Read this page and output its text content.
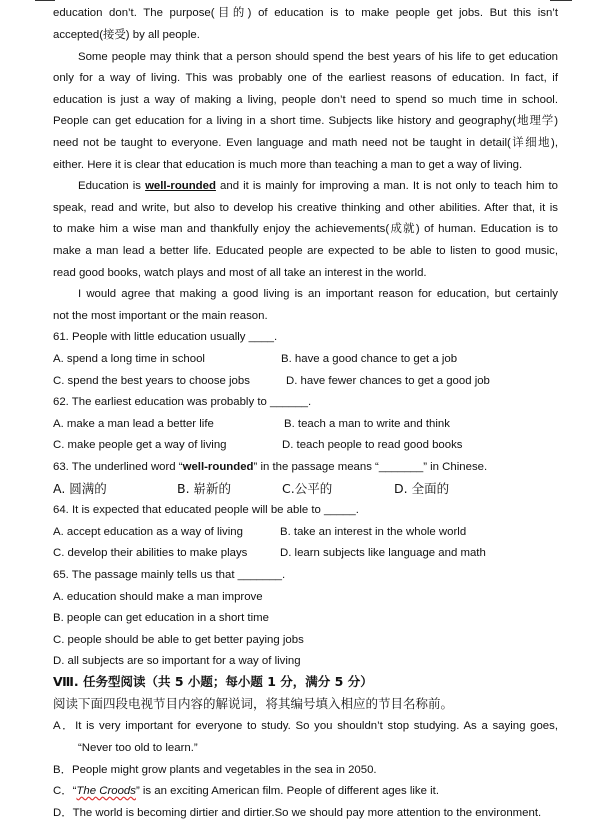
education don’t. The purpose(目的) of education is to make people get jobs. But this isn’t
accepted(接受) by all people.
Some people may think that a person should spend the best years of his life to get education
only for a way of living. This was probably one of the earliest reasons of education. In fact, if
education is just a way of making a living, people don’t need to spend so much time in school.
People can get education for a living in a short time. Subjects like history and geography(地理学)
need not be taught to everyone. Even language and math need not be taught in detail(详细地),
either. Here it is clear that education is much more than teaching a man to get a way of living.
Education is well-rounded and it is mainly for improving a man. It is not only to teach him to
speak, read and write, but also to develop his creative thinking and other abilities. After that, it is
to make him a wise man and thankfully enjoy the achievements(成就) of human. Education is to
make a man lead a better life. Educated people are expected to be able to listen to good music,
read good books, watch plays and most of all take an interest in the world.
I would agree that making a good living is an important reason for education, but certainly
not the most important or the main reason.
61. People with little education usually ____.
A. spend a long time in school	B. have a good chance to get a job
C. spend the best years to choose jobs	D. have fewer chances to get a good job
62. The earliest education was probably to ______.
A. make a man lead a better life	B. teach a man to write and think
C. make people get a way of living	D. teach people to read good books
63. The underlined word “well-rounded” in the passage means “_______” in Chinese.
A. 圆满的	B. 崭新的	C.公平的	D. 全面的
64. It is expected that educated people will be able to _____.
A. accept education as a way of living	B. take an interest in the whole world
C. develop their abilities to make plays	D. learn subjects like language and math
65. The passage mainly tells us that _______.
A. education should make a man improve
B. people can get education in a short time
C. people should be able to get better paying jobs
D. all subjects are so important for a way of living
Ⅷ. 任务型阅读（共 5 小题；每小题 1 分，满分 5 分）
阅读下面四段电视节目内容的解说词，将其编号填入相应的节目名称前。
A．It is very important for everyone to study. So you shouldn’t stop studying. As a saying goes,
“Never too old to learn.”
B．People might grow plants and vegetables in the sea in 2050.
C．“The Croods” is an exciting American film. People of different ages like it.
D．The world is becoming dirtier and dirtier.So we should pay more attention to the environment.
